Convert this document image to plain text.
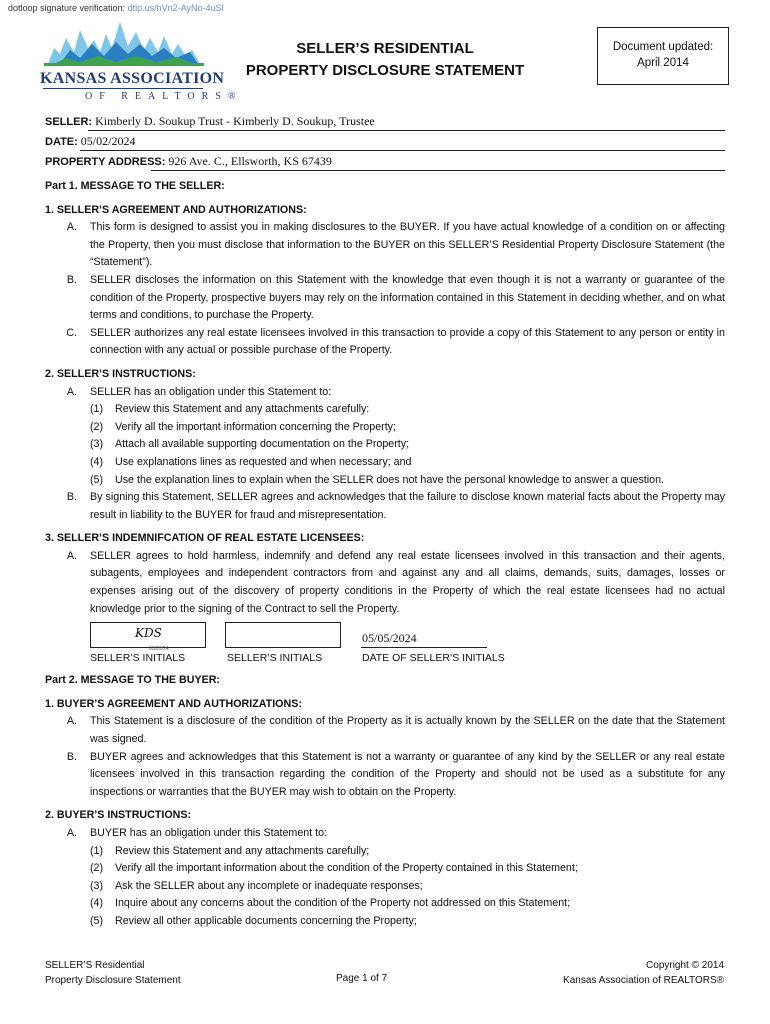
dotloop signature verification: dtlp.us/hVn2-AyNo-4uSI
KANSAS ASSOCIATION
OF REALTORS®
SELLER’S RESIDENTIAL
PROPERTY DISCLOSURE STATEMENT
Document updated:
April 2014
SELLER: Kimberly D. Soukup Trust - Kimberly D. Soukup, Trustee
DATE: 05/02/2024
PROPERTY ADDRESS: 926 Ave. C., Ellsworth, KS 67439
Part 1. MESSAGE TO THE SELLER:
1. SELLER’S AGREEMENT AND AUTHORIZATIONS:
A.	This form is designed to assist you in making disclosures to the BUYER. If you have actual knowledge of a condition on or affecting the Property, then you must disclose that information to the BUYER on this SELLER’S Residential Property Disclosure Statement (the “Statement”).
B.	SELLER discloses the information on this Statement with the knowledge that even though it is not a warranty or guarantee of the condition of the Property, prospective buyers may rely on the information contained in this Statement in deciding whether, and on what terms and conditions, to purchase the Property.
C.	SELLER authorizes any real estate licensees involved in this transaction to provide a copy of this Statement to any person or entity in connection with any actual or possible purchase of the Property.
2. SELLER’S INSTRUCTIONS:
A.	SELLER has an obligation under this Statement to:
(1)	Review this Statement and any attachments carefully:
(2)	Verify all the important information concerning the Property;
(3)	Attach all available supporting documentation on the Property;
(4)	Use explanations lines as requested and when necessary; and
(5)	Use the explanation lines to explain when the SELLER does not have the personal knowledge to answer a question.
B.	By signing this Statement, SELLER agrees and acknowledges that the failure to disclose known material facts about the Property may result in liability to the BUYER for fraud and misrepresentation.
3. SELLER’S INDEMNIFCATION OF REAL ESTATE LICENSEES:
A.	SELLER agrees to hold harmless, indemnify and defend any real estate licensees involved in this transaction and their agents, subagents, employees and independent contractors from and against any and all claims, demands, suits, damages, losses or expenses arising out of the discovery of property conditions in the Property of which the real estate licensees had no actual knowledge prior to the signing of the Contract to sell the Property.
KDS
05/05/24
SELLER’S INITIALS	SELLER’S INITIALS
05/05/2024
DATE OF SELLER’S INITIALS
Part 2. MESSAGE TO THE BUYER:
1. BUYER’S AGREEMENT AND AUTHORIZATIONS:
A.	This Statement is a disclosure of the condition of the Property as it is actually known by the SELLER on the date that the Statement was signed.
B.	BUYER agrees and acknowledges that this Statement is not a warranty or guarantee of any kind by the SELLER or any real estate licensees involved in this transaction regarding the condition of the Property and should not be used as a substitute for any inspections or warranties that the BUYER may wish to obtain on the Property.
2. BUYER’S INSTRUCTIONS:
A.	BUYER has an obligation under this Statement to:
(1)	Review this Statement and any attachments carefully;
(2)	Verify all the important information about the condition of the Property contained in this Statement;
(3)	Ask the SELLER about any incomplete or inadequate responses;
(4)	Inquire about any concerns about the condition of the Property not addressed on this Statement;
(5)	Review all other applicable documents concerning the Property;
SELLER’S Residential
Property Disclosure Statement	Page 1 of 7
Copyright © 2014
Kansas Association of REALTORS®
